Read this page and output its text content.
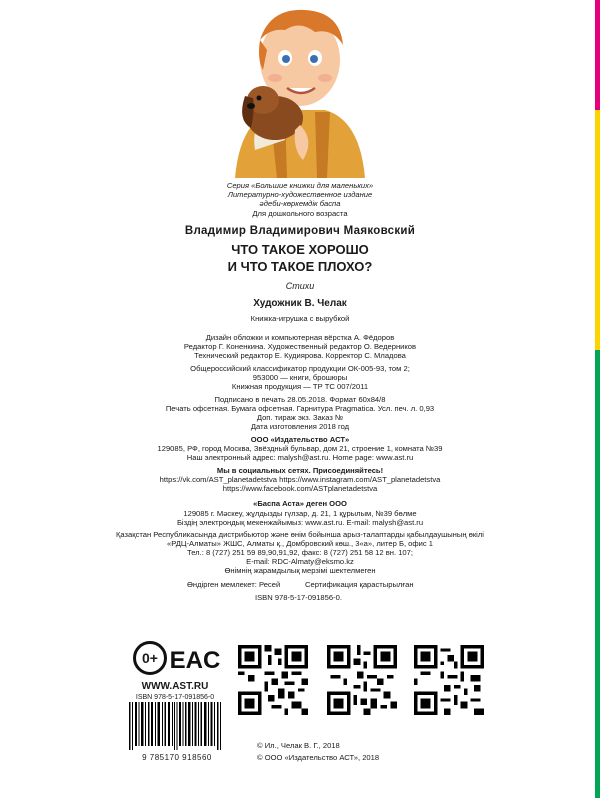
Серия «Большие книжки для маленьких»
Литературно-художественное издание
әдеби-көркемдік баспа
Для дошкольного возраста
Владимир Владимирович Маяковский
ЧТО ТАКОЕ ХОРОШО
И ЧТО ТАКОЕ ПЛОХО?
Стихи
Художник В. Челак
Книжка-игрушка с вырубкой
Дизайн обложки и компьютерная вёрстка А. Фёдоров
Редактор Г. Коненкина. Художественный редактор О. Ведерников
Технический редактор Е. Кудиярова. Корректор С. Младова
Общероссийский классификатор продукции ОК-005-93, том 2;
953000 — книги, брошюры
Книжная продукция — ТР ТС 007/2011
Подписано в печать 28.05.2018. Формат 60х84/8
Печать офсетная. Бумага офсетная. Гарнитура Pragmatica. Усл. печ. л. 0,93
Доп. тираж экз. Заказ №
Дата изготовления 2018 год
ООО «Издательство АСТ»
129085, РФ, город Москва, Звёздный бульвар, дом 21, строение 1, комната №39
Наш электронный адрес: malysh@ast.ru. Home page: www.ast.ru
Мы в социальных сетях. Присоединяйтесь!
https://vk.com/AST_planetadetstva https://www.instagram.com/AST_planetadetstva
https://www.facebook.com/ASTplanetadetstva
«Баспа Аста» деген ООО
129085 г. Мәскеу, жұлдызды гүлзар, д. 21, 1 құрылым, №39 бөлме
Біздің электрондық мекенжайымыз: www.ast.ru. E-mail: malysh@ast.ru
Қазақстан Республикасында дистрибьютор және өнім бойынша арыз-талаптарды қабылдаушының өкілі
«РДЦ-Алматы» ЖШС, Алматы қ., Домбровский көш., 3«а», литер Б, офис 1
Тел.: 8 (727) 251 59 89,90,91,92, факс: 8 (727) 251 58 12 вн. 107;
E-mail: RDC-Almaty@eksmo.kz
Өнімнің жарамдылық мерзімі шектелмеген
Өндірген мемлекет: Ресей	Сертификация қарастырылған
ISBN 978-5-17-091856-0.
0+ EAC
WWW.AST.RU
ISBN 978-5-17-091856-0
9 785170 918560
© Ил., Челак В. Г., 2018
© ООО «Издательство АСТ», 2018
